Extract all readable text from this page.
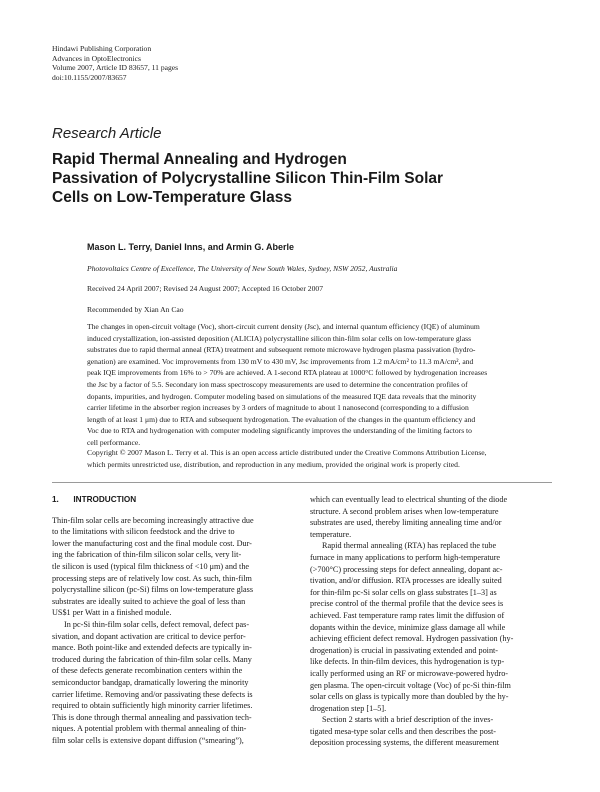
Hindawi Publishing Corporation
Advances in OptoElectronics
Volume 2007, Article ID 83657, 11 pages
doi:10.1155/2007/83657
Research Article
Rapid Thermal Annealing and Hydrogen
Passivation of Polycrystalline Silicon Thin-Film Solar
Cells on Low-Temperature Glass
Mason L. Terry, Daniel Inns, and Armin G. Aberle
Photovoltaics Centre of Excellence, The University of New South Wales, Sydney, NSW 2052, Australia
Received 24 April 2007; Revised 24 August 2007; Accepted 16 October 2007
Recommended by Xian An Cao
The changes in open-circuit voltage (Voc), short-circuit current density (Jsc), and internal quantum efficiency (IQE) of aluminum
induced crystallization, ion-assisted deposition (ALICIA) polycrystalline silicon thin-film solar cells on low-temperature glass
substrates due to rapid thermal anneal (RTA) treatment and subsequent remote microwave hydrogen plasma passivation (hydro-
genation) are examined. Voc improvements from 130 mV to 430 mV, Jsc improvements from 1.2 mA/cm² to 11.3 mA/cm², and
peak IQE improvements from 16% to > 70% are achieved. A 1-second RTA plateau at 1000°C followed by hydrogenation increases
the Jsc by a factor of 5.5. Secondary ion mass spectroscopy measurements are used to determine the concentration profiles of
dopants, impurities, and hydrogen. Computer modeling based on simulations of the measured IQE data reveals that the minority
carrier lifetime in the absorber region increases by 3 orders of magnitude to about 1 nanosecond (corresponding to a diffusion
length of at least 1 μm) due to RTA and subsequent hydrogenation. The evaluation of the changes in the quantum efficiency and
Voc due to RTA and hydrogenation with computer modeling significantly improves the understanding of the limiting factors to
cell performance.
Copyright © 2007 Mason L. Terry et al. This is an open access article distributed under the Creative Commons Attribution License,
which permits unrestricted use, distribution, and reproduction in any medium, provided the original work is properly cited.
1. INTRODUCTION
Thin-film solar cells are becoming increasingly attractive due
to the limitations with silicon feedstock and the drive to
lower the manufacturing cost and the final module cost. Dur-
ing the fabrication of thin-film silicon solar cells, very lit-
tle silicon is used (typical film thickness of <10 μm) and the
processing steps are of relatively low cost. As such, thin-film
polycrystalline silicon (pc-Si) films on low-temperature glass
substrates are ideally suited to achieve the goal of less than
US$1 per Watt in a finished module.
In pc-Si thin-film solar cells, defect removal, defect pas-
sivation, and dopant activation are critical to device perfor-
mance. Both point-like and extended defects are typically in-
troduced during the fabrication of thin-film solar cells. Many
of these defects generate recombination centers within the
semiconductor bandgap, dramatically lowering the minority
carrier lifetime. Removing and/or passivating these defects is
required to obtain sufficiently high minority carrier lifetimes.
This is done through thermal annealing and passivation tech-
niques. A potential problem with thermal annealing of thin-
film solar cells is extensive dopant diffusion (“smearing”),
which can eventually lead to electrical shunting of the diode
structure. A second problem arises when low-temperature
substrates are used, thereby limiting annealing time and/or
temperature.
Rapid thermal annealing (RTA) has replaced the tube
furnace in many applications to perform high-temperature
(>700°C) processing steps for defect annealing, dopant ac-
tivation, and/or diffusion. RTA processes are ideally suited
for thin-film pc-Si solar cells on glass substrates [1–3] as
precise control of the thermal profile that the device sees is
achieved. Fast temperature ramp rates limit the diffusion of
dopants within the device, minimize glass damage all while
achieving efficient defect removal. Hydrogen passivation (hy-
drogenation) is crucial in passivating extended and point-
like defects. In thin-film devices, this hydrogenation is typ-
ically performed using an RF or microwave-powered hydro-
gen plasma. The open-circuit voltage (Voc) of pc-Si thin-film
solar cells on glass is typically more than doubled by the hy-
drogenation step [1–5].
Section 2 starts with a brief description of the inves-
tigated mesa-type solar cells and then describes the post-
deposition processing systems, the different measurement
